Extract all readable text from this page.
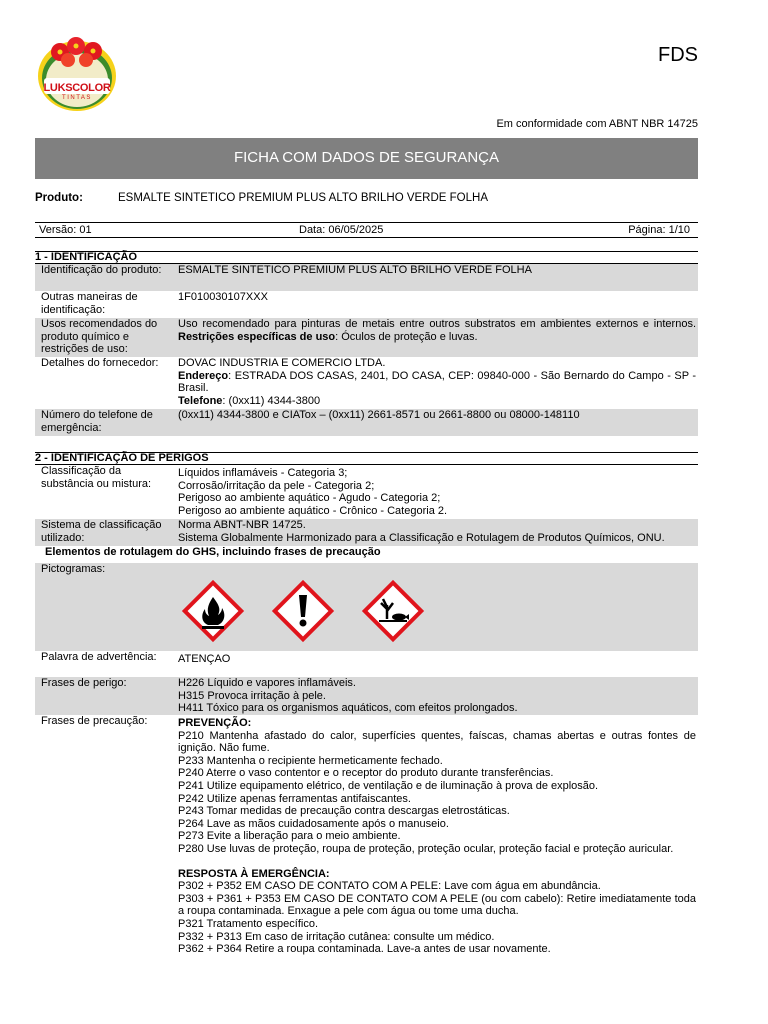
LUKSCOLOR
TINTAS
FDS
Em conformidade com ABNT NBR 14725
FICHA COM DADOS DE SEGURANÇA
Produto:	ESMALTE SINTETICO PREMIUM PLUS ALTO BRILHO VERDE FOLHA
Versão: 01	Data: 06/05/2025	Página: 1/10
1 - IDENTIFICAÇÃO
Identificação do produto:	ESMALTE SINTETICO PREMIUM PLUS ALTO BRILHO VERDE FOLHA
Outras maneiras de identificação:
1F010030107XXX
Usos recomendados do produto químico e restrições de uso:
Uso recomendado para pinturas de metais entre outros substratos em ambientes externos e internos. Restrições específicas de uso: Óculos de proteção e luvas.
Detalhes do fornecedor:	DOVAC INDUSTRIA E COMERCIO LTDA.

Endereço: ESTRADA DOS CASAS, 2401, DO CASA, CEP: 09840-000 - São Bernardo do Campo - SP - Brasil.

Telefone: (0xx11) 4344-3800

Número do telefone de emergência:
(0xx11) 4344-3800 e CIATox – (0xx11) 2661-8571 ou 2661-8800 ou 08000-148110
2 - IDENTIFICAÇÃO DE PERIGOS
Classificação da substância ou mistura:

Líquidos inflamáveis - Categoria 3;

Corrosão/irritação da pele - Categoria 2;

Perigoso ao ambiente aquático - Agudo - Categoria 2;

Perigoso ao ambiente aquático - Crônico - Categoria 2.

Sistema de classificação utilizado:

Norma ABNT-NBR 14725.

Sistema Globalmente Harmonizado para a Classificação e Rotulagem de Produtos Químicos, ONU.

Elementos de rotulagem do GHS, incluindo frases de precaução
Pictogramas:
Palavra de advertência:	ATENÇAO
Frases de perigo:	H226 Líquido e vapores inflamáveis.

H315 Provoca irritação à pele.

H411 Tóxico para os organismos aquáticos, com efeitos prolongados.

Frases de precaução:	PREVENÇÃO:

P210 Mantenha afastado do calor, superfícies quentes, faíscas, chamas abertas e outras fontes de ignição. Não fume.

P233 Mantenha o recipiente hermeticamente fechado.

P240 Aterre o vaso contentor e o receptor do produto durante transferências.

P241 Utilize equipamento elétrico, de ventilação e de iluminação à prova de explosão.

P242 Utilize apenas ferramentas antifaiscantes.

P243 Tomar medidas de precaução contra descargas eletrostáticas.

P264 Lave as mãos cuidadosamente após o manuseio.

P273 Evite a liberação para o meio ambiente.

P280 Use luvas de proteção, roupa de proteção, proteção ocular, proteção facial e proteção auricular.

RESPOSTA À EMERGÊNCIA:

P302 + P352 EM CASO DE CONTATO COM A PELE: Lave com água em abundância.

P303 + P361 + P353 EM CASO DE CONTATO COM A PELE (ou com cabelo): Retire imediatamente toda a roupa contaminada. Enxague a pele com água ou tome uma ducha.

P321 Tratamento específico.

P332 + P313 Em caso de irritação cutânea: consulte um médico.

P362 + P364 Retire a roupa contaminada. Lave-a antes de usar novamente.
